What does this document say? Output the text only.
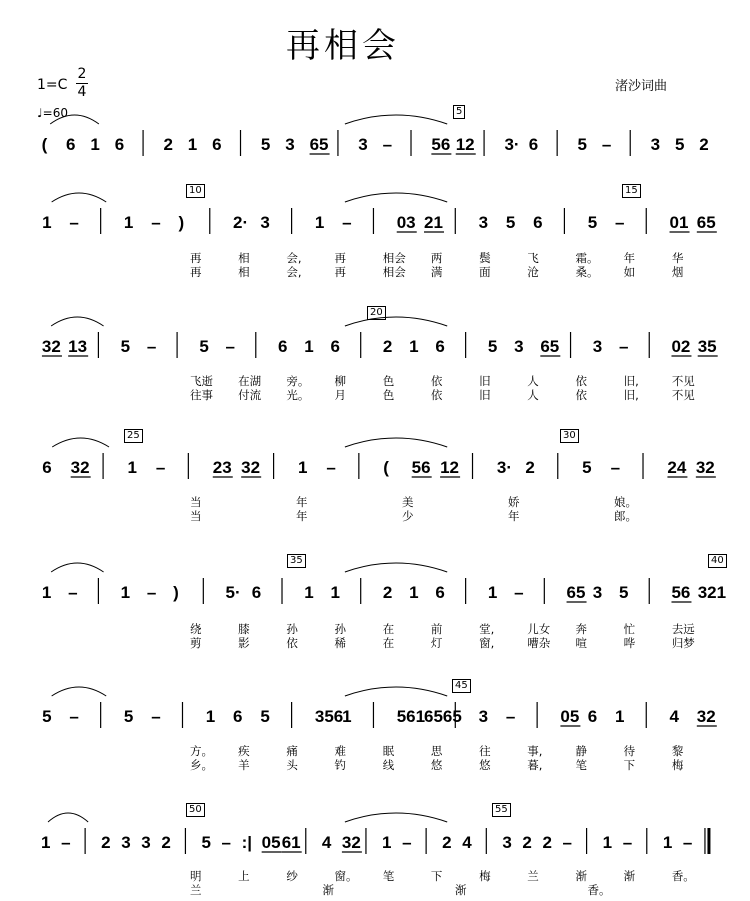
再相会
1=C
2
4
♩=60
渚沙词曲
5
10	15
20
25	30
35	40
45
50	55
( 6 1 6 2 1 6 5 3 65 3 – 56 12 3· 6 5 – 3 5 2
1 –	1 – )	2· 3	1 –	03 21 3 5 6	5 –	01 65
再	相	会,	再	相会 两	鬓	飞	霜。 年	华
再	相	会,	再	相会 满	面	沧	桑。 如	烟
32 13 5 –	5 –	6 1 6	2 1 6	5 3 65 3 –	02 35
飞逝 在湖 旁。 柳	色	依	旧	人	依	旧,	不见
往事 付流 光。 月	色	依	旧	人	依	旧,	不见
6 32 1 –	23 32 1 –	( 56 12 3· 2	5 –	24 32
当	年	美	娇	娘。
当	年	少	年	郎。
1 –	1 – )	5· 6	1 1	2 1 6	1 –	65 3 5	56 321
绕	膝	孙	孙	在	前	堂,	儿女 奔	忙	去远
剪	影	依	稀	在	灯	窗,	嘈杂 喧	哗	归梦
5 –	5 –	1 6 5	356
1	561
6565 3 –	05 6 1	4 32
方。 疾	痛	难	眠	思	往	事,	静	待	黎
乡。 羊	头	钓	线	悠	悠	暮,	笔	下	梅
1 – 2 3 3 2 5 – :| 05 61 4 32 1 – 2 4 3 2 2 – 1 – 1 –
明	上	纱	窗。 笔	下	梅	兰	渐	渐	香。
兰	渐	渐	香。
